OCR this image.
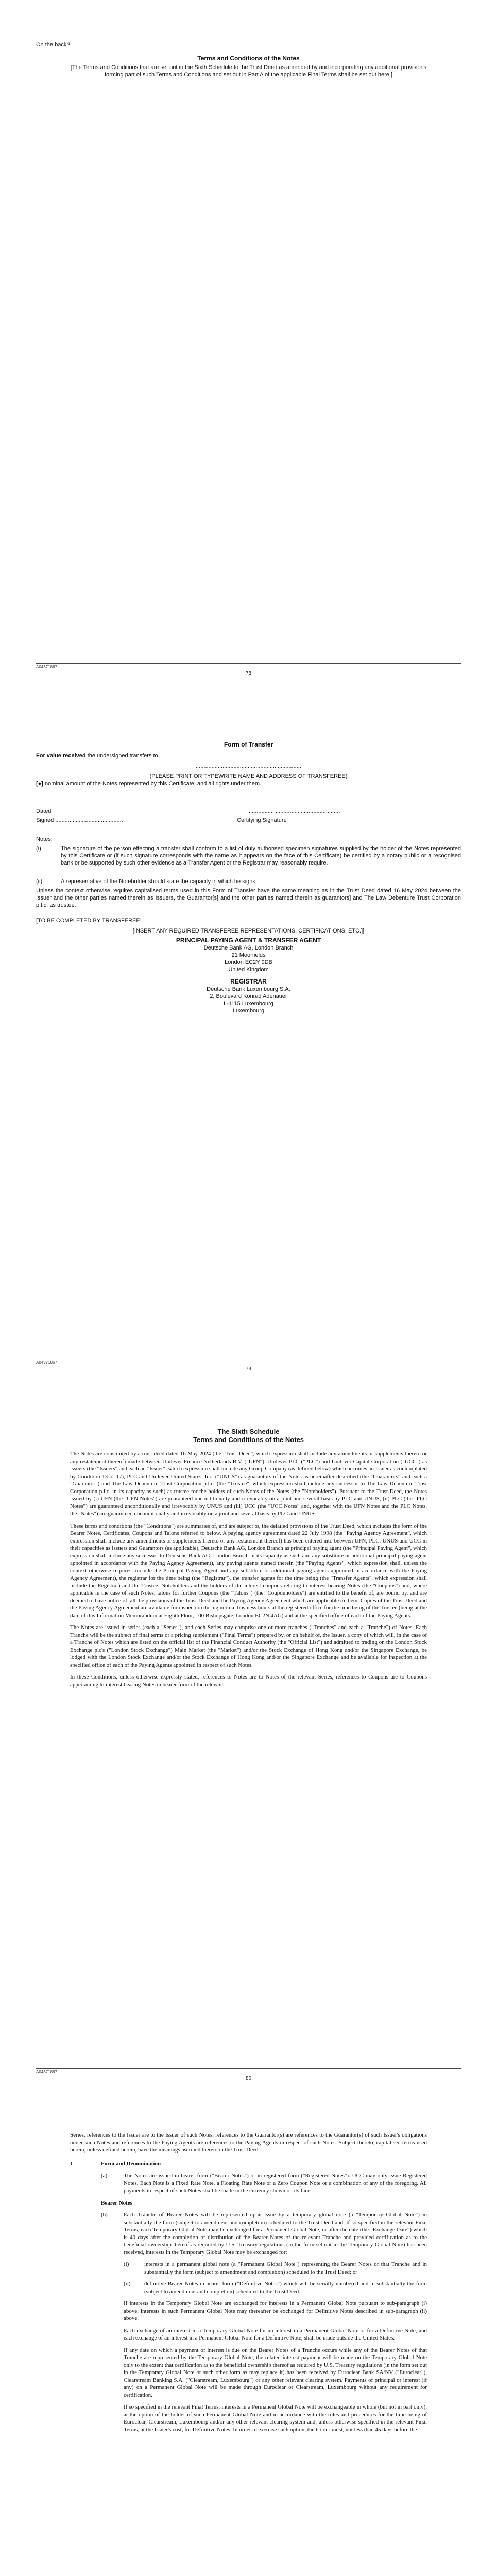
On the back:¹
Terms and Conditions of the Notes
[The Terms and Conditions that are set out in the Sixth Schedule to the Trust Deed as amended by and incorporating any additional provisions forming part of such Terms and Conditions and set out in Part A of the applicable Final Terms shall be set out here.]
A04371867
78
Form of Transfer
For value received the undersigned transfers to
...................................................................
(PLEASE PRINT OR TYPEWRITE NAME AND ADDRESS OF TRANSFEREE)
[●] nominal amount of the Notes represented by this Certificate, and all rights under them.
Dated	...........................................................
Signed ...........................................	Certifying Signature
Notes:
(i)	The signature of the person effecting a transfer shall conform to a list of duly authorised specimen signatures supplied by the holder of the Notes represented by this Certificate or (if such signature corresponds with the name as it appears on the face of this Certificate) be certified by a notary public or a recognised bank or be supported by such other evidence as a Transfer Agent or the Registrar may reasonably require.
(ii)	A representative of the Noteholder should state the capacity in which he signs.
Unless the context otherwise requires capitalised terms used in this Form of Transfer have the same meaning as in the Trust Deed dated 16 May 2024 between the Issuer and the other parties named therein as Issuers, the Guarantor[s] and the other parties named therein as guarantors] and The Law Debenture Trust Corporation p.l.c. as trustee.
[TO BE COMPLETED BY TRANSFEREE:
[INSERT ANY REQUIRED TRANSFEREE REPRESENTATIONS, CERTIFICATIONS, ETC.]]
PRINCIPAL PAYING AGENT & TRANSFER AGENT
Deutsche Bank AG, London Branch
21 Moorfields
London EC2Y 9DB
United Kingdom
REGISTRAR
Deutsche Bank Luxembourg S.A.
2, Boulevard Konrad Adenauer
L-1115 Luxembourg
Luxembourg
A04371867
79
The Sixth Schedule
Terms and Conditions of the Notes
The Notes are constituted by a trust deed dated 16 May 2024 (the "Trust Deed", which expression shall include any amendments or supplements thereto or any restatement thereof) made between Unilever Finance Netherlands B.V. ("UFN"), Unilever PLC ("PLC") and Unilever Capital Corporation ("UCC") as issuers (the "Issuers" and each an "Issuer", which expression shall include any Group Company (as defined below) which becomes an Issuer as contemplated by Condition 13 or 17), PLC and Unilever United States, Inc. ("UNUS") as guarantors of the Notes as hereinafter described (the "Guarantors" and each a "Guarantor") and The Law Debenture Trust Corporation p.l.c. (the "Trustee", which expression shall include any successor to The Law Debenture Trust Corporation p.l.c. in its capacity as such) as trustee for the holders of such Notes of the Notes (the "Noteholders"). Pursuant to the Trust Deed, the Notes issued by (i) UFN (the "UFN Notes") are guaranteed unconditionally and irrevocably on a joint and several basis by PLC and UNUS, (ii) PLC (the "PLC Notes") are guaranteed unconditionally and irrevocably by UNUS and (iii) UCC (the "UCC Notes" and, together with the UFN Notes and the PLC Notes, the "Notes") are guaranteed unconditionally and irrevocably on a joint and several basis by PLC and UNUS.
These terms and conditions (the "Conditions") are summaries of, and are subject to, the detailed provisions of the Trust Deed, which includes the form of the Bearer Notes, Certificates, Coupons and Talons referred to below. A paying agency agreement dated 22 July 1998 (the "Paying Agency Agreement", which expression shall include any amendments or supplements thereto or any restatement thereof) has been entered into between UFN, PLC, UNUS and UCC in their capacities as Issuers and Guarantors (as applicable), Deutsche Bank AG, London Branch as principal paying agent (the "Principal Paying Agent", which expression shall include any successor to Deutsche Bank AG, London Branch in its capacity as such and any substitute or additional principal paying agent appointed in accordance with the Paying Agency Agreement), any paying agents named therein (the "Paying Agents", which expression shall, unless the context otherwise requires, include the Principal Paying Agent and any substitute or additional paying agents appointed in accordance with the Paying Agency Agreement), the registrar for the time being (the "Registrar"), the transfer agents for the time being (the "Transfer Agents", which expression shall include the Registrar) and the Trustee. Noteholders and the holders of the interest coupons relating to interest bearing Notes (the "Coupons") and, where applicable in the case of such Notes, talons for further Coupons (the "Talons") (the "Couponholders") are entitled to the benefit of, are bound by, and are deemed to have notice of, all the provisions of the Trust Deed and the Paying Agency Agreement which are applicable to them. Copies of the Trust Deed and the Paying Agency Agreement are available for inspection during normal business hours at the registered office for the time being of the Trustee (being at the date of this Information Memorandum at Eighth Floor, 100 Bishopsgate, London EC2N 4AG) and at the specified office of each of the Paying Agents.
The Notes are issued in series (each a "Series"), and each Series may comprise one or more tranches ("Tranches" and each a "Tranche") of Notes. Each Tranche will be the subject of final terms or a pricing supplement ("Final Terms") prepared by, or on behalf of, the Issuer, a copy of which will, in the case of a Tranche of Notes which are listed on the official list of the Financial Conduct Authority (the "Official List") and admitted to trading on the London Stock Exchange plc's ("London Stock Exchange") Main Market (the "Market") and/or the Stock Exchange of Hong Kong and/or the Singapore Exchange, be lodged with the London Stock Exchange and/or the Stock Exchange of Hong Kong and/or the Singapore Exchange and be available for inspection at the specified office of each of the Paying Agents appointed in respect of such Notes.
In these Conditions, unless otherwise expressly stated, references to Notes are to Notes of the relevant Series, references to Coupons are to Coupons appertaining to interest bearing Notes in bearer form of the relevant
A04371867
80
Series, references to the Issuer are to the Issuer of such Notes, references to the Guarantor(s) are references to the Guarantor(s) of such Issuer's obligations under such Notes and references to the Paying Agents are references to the Paying Agents in respect of such Notes. Subject thereto, capitalised terms used herein, unless defined herein, have the meanings ascribed thereto in the Trust Deed.
1	Form and Denomination
(a)	The Notes are issued in bearer form ("Bearer Notes") or in registered form ("Registered Notes"). UCC may only issue Registered Notes. Each Note is a Fixed Rate Note, a Floating Rate Note or a Zero Coupon Note or a combination of any of the foregoing. All payments in respect of such Notes shall be made in the currency shown on its face.
Bearer Notes
(b)	Each Tranche of Bearer Notes will be represented upon issue by a temporary global note (a "Temporary Global Note") in substantially the form (subject to amendment and completion) scheduled to the Trust Deed and, if so specified in the relevant Final Terms, each Temporary Global Note may be exchanged for a Permanent Global Note, or after the date (the "Exchange Date") which is 40 days after the completion of distribution of the Bearer Notes of the relevant Tranche and provided certification as to the beneficial ownership thereof as required by U.S. Treasury regulations (in the form set out in the Temporary Global Note) has been received, interests in the Temporary Global Note may be exchanged for:
(i)	interests in a permanent global note (a "Permanent Global Note") representing the Bearer Notes of that Tranche and in substantially the form (subject to amendment and completion) scheduled to the Trust Deed; or
(ii)	definitive Bearer Notes in bearer form ("Definitive Notes") which will be serially numbered and in substantially the form (subject to amendment and completion) scheduled to the Trust Deed.
If interests in the Temporary Global Note are exchanged for interests in a Permanent Global Note pursuant to sub-paragraph (i) above, interests in such Permanent Global Note may thereafter be exchanged for Definitive Notes described in sub-paragraph (ii) above.
Each exchange of an interest in a Temporary Global Note for an interest in a Permanent Global Note or for a Definitive Note, and each exchange of an interest in a Permanent Global Note for a Definitive Note, shall be made outside the United States.
If any date on which a payment of interest is due on the Bearer Notes of a Tranche occurs while any of the Bearer Notes of that Tranche are represented by the Temporary Global Note, the related interest payment will be made on the Temporary Global Note only to the extent that certification as to the beneficial ownership thereof as required by U.S. Treasury regulations (in the form set out in the Temporary Global Note or such other form as may replace it) has been received by Euroclear Bank SA/NV ("Euroclear"), Clearstream Banking S.A. ("Clearstream, Luxembourg") or any other relevant clearing system. Payments of principal or interest (if any) on a Permanent Global Note will be made through Euroclear or Clearstream, Luxembourg without any requirement for certification.
If so specified in the relevant Final Terms, interests in a Permanent Global Note will be exchangeable in whole (but not in part only), at the option of the holder of such Permanent Global Note and in accordance with the rules and procedures for the time being of Euroclear, Clearstream, Luxembourg and/or any other relevant clearing system and, unless otherwise specified in the relevant Final Terms, at the Issuer's cost, for Definitive Notes. In order to exercise such option, the holder must, not less than 45 days before the
